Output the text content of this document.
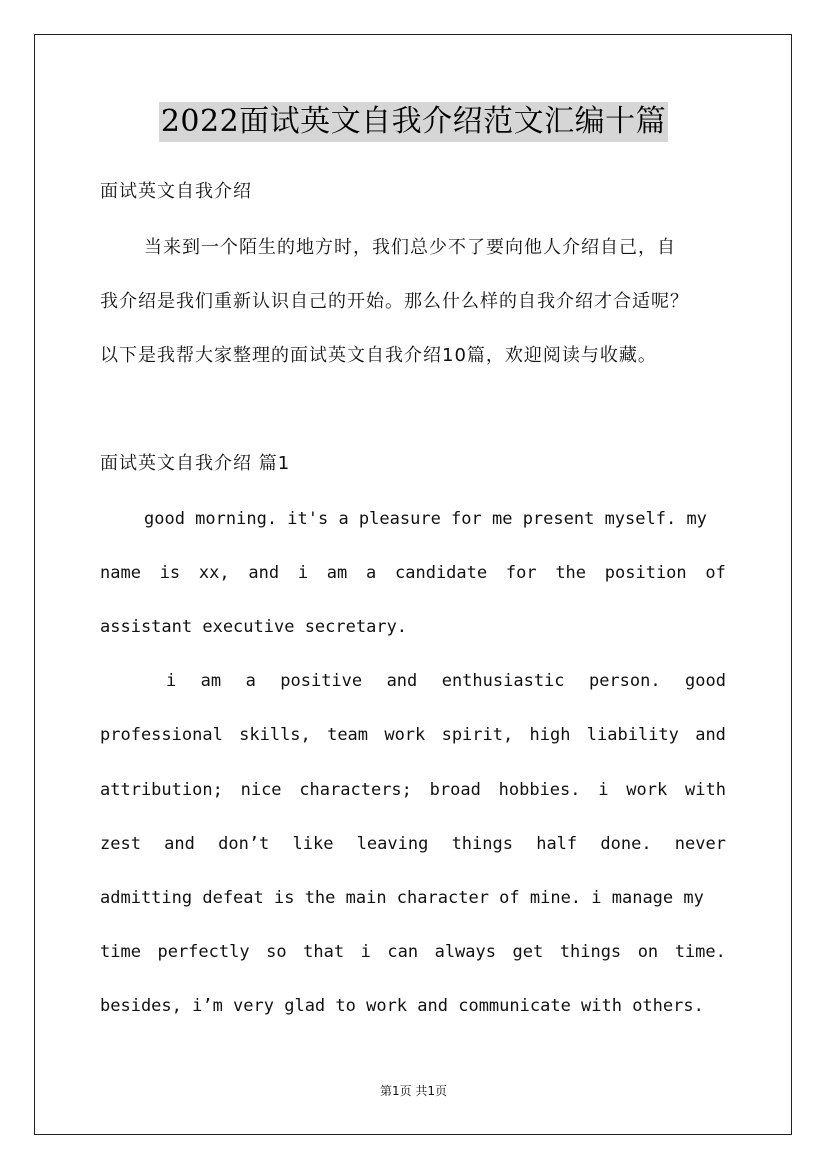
2022面试英文自我介绍范文汇编十篇
面试英文自我介绍
当来到一个陌生的地方时，我们总少不了要向他人介绍自己，自
我介绍是我们重新认识自己的开始。那么什么样的自我介绍才合适呢？
以下是我帮大家整理的面试英文自我介绍10篇，欢迎阅读与收藏。
面试英文自我介绍 篇1
good morning. it's a pleasure for me present myself. my
name is xx, and i am a candidate for the position of
assistant executive secretary.
i am a positive and enthusiastic person. good
professional skills, team work spirit, high liability and
attribution; nice characters; broad hobbies. i work with
zest and don’t like leaving things half done. never
admitting defeat is the main character of mine. i manage my
time perfectly so that i can always get things on time.
besides, i’m very glad to work and communicate with others.
第1页 共1页
